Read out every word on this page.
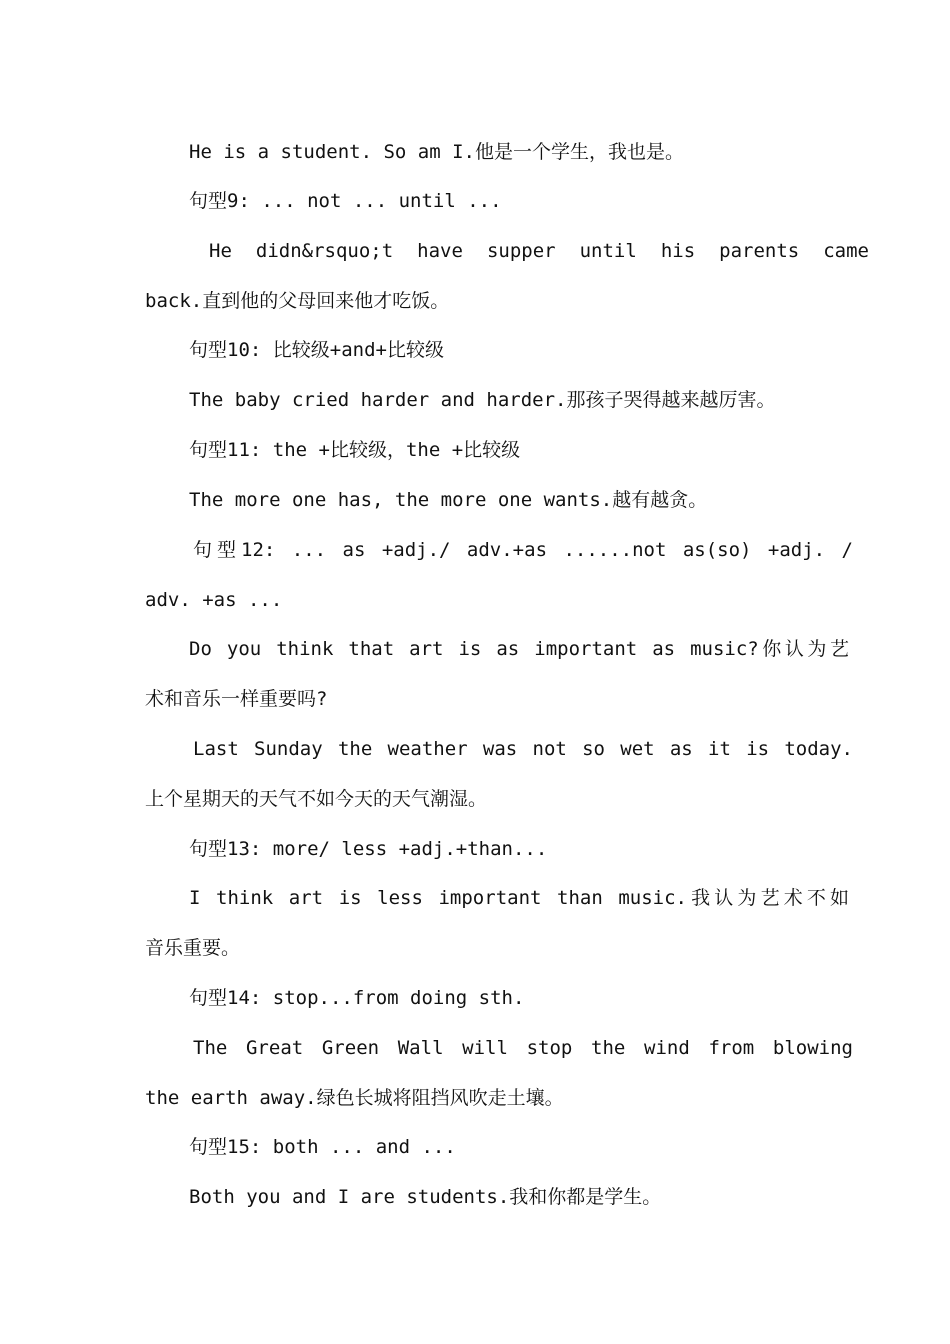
He is a student. So am I.他是一个学生，我也是。
句型9: ... not ... until ...
He didn&rsquo;t have supper until his parents came
back.直到他的父母回来他才吃饭。
句型10: 比较级+and+比较级
The baby cried harder and harder.那孩子哭得越来越厉害。
句型11: the +比较级，the +比较级
The more one has, the more one wants.越有越贪。
句型12: ... as +adj./ adv.+as ......not as(so) +adj. /
adv. +as ...
Do you think that art is as important as music?你认为艺
术和音乐一样重要吗?
Last Sunday the weather was not so wet as it is today.
上个星期天的天气不如今天的天气潮湿。
句型13: more/ less +adj.+than...
I think art is less important than music.我认为艺术不如
音乐重要。
句型14: stop...from doing sth.
The Great Green Wall will stop the wind from blowing
the earth away.绿色长城将阻挡风吹走土壤。
句型15: both ... and ...
Both you and I are students.我和你都是学生。
